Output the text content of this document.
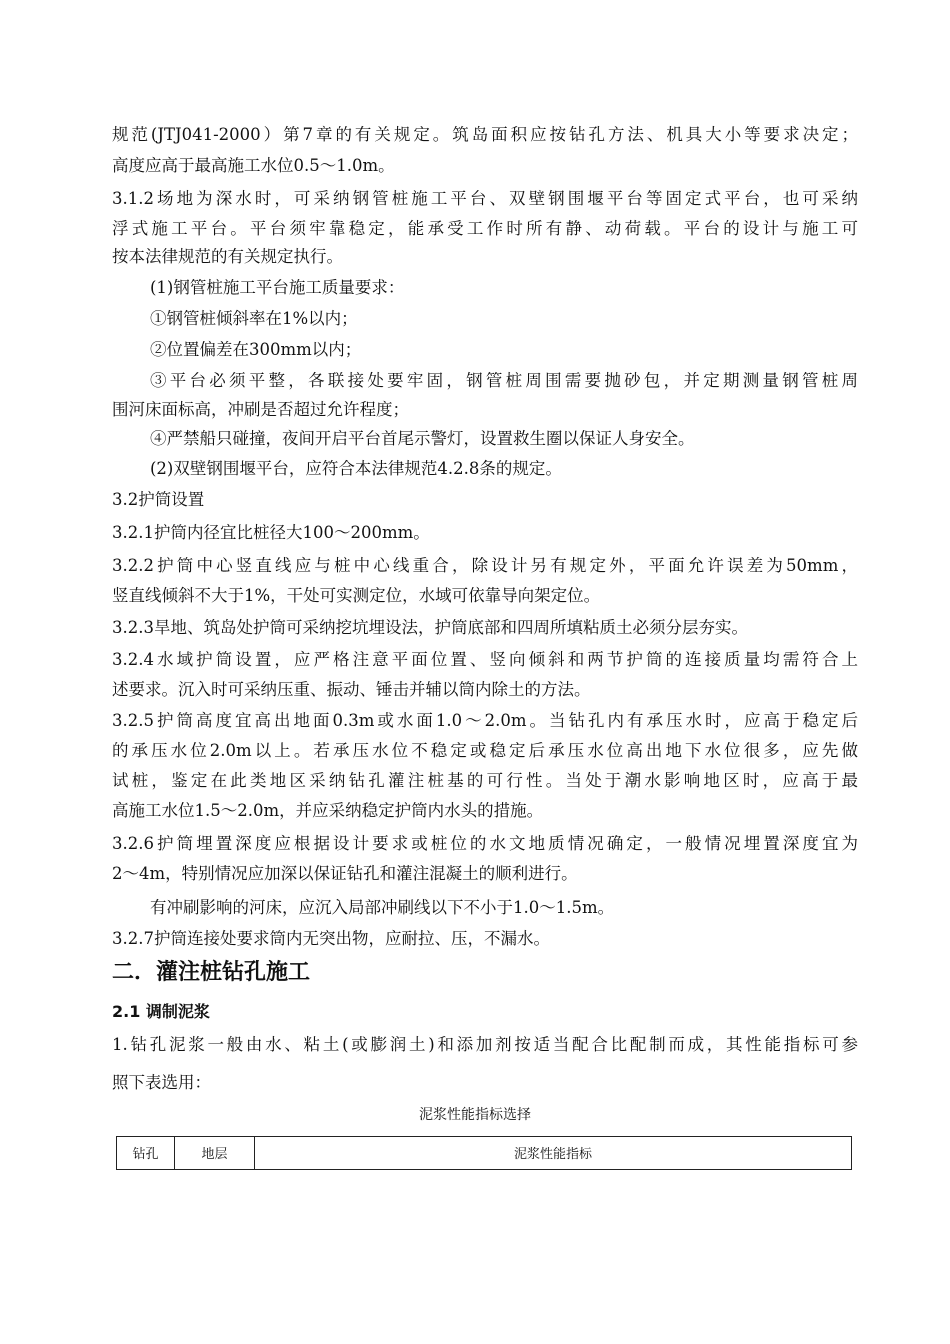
规范(JTJ041-2000）第7章的有关规定。筑岛面积应按钻孔方法、机具大小等要求决定；
高度应高于最高施工水位0.5～1.0m。
3.1.2场地为深水时，可采纳钢管桩施工平台、双壁钢围堰平台等固定式平台，也可采纳
浮式施工平台。平台须牢靠稳定，能承受工作时所有静、动荷载。平台的设计与施工可
按本法律规范的有关规定执行。
(1)钢管桩施工平台施工质量要求：
①钢管桩倾斜率在1%以内；
②位置偏差在300mm以内；
③平台必须平整，各联接处要牢固，钢管桩周围需要抛砂包，并定期测量钢管桩周
围河床面标高，冲刷是否超过允许程度；
④严禁船只碰撞，夜间开启平台首尾示警灯，设置救生圈以保证人身安全。
(2)双壁钢围堰平台，应符合本法律规范4.2.8条的规定。
3.2护筒设置
3.2.1护筒内径宜比桩径大100～200mm。
3.2.2护筒中心竖直线应与桩中心线重合，除设计另有规定外，平面允许误差为50mm，
竖直线倾斜不大于1%，干处可实测定位，水域可依靠导向架定位。
3.2.3旱地、筑岛处护筒可采纳挖坑埋设法，护筒底部和四周所填粘质土必须分层夯实。
3.2.4水域护筒设置，应严格注意平面位置、竖向倾斜和两节护筒的连接质量均需符合上
述要求。沉入时可采纳压重、振动、锤击并辅以筒内除土的方法。
3.2.5护筒高度宜高出地面0.3m或水面1.0～2.0m。当钻孔内有承压水时，应高于稳定后
的承压水位2.0m以上。若承压水位不稳定或稳定后承压水位高出地下水位很多，应先做
试桩，鉴定在此类地区采纳钻孔灌注桩基的可行性。当处于潮水影响地区时，应高于最
高施工水位1.5～2.0m，并应采纳稳定护筒内水头的措施。
3.2.6护筒埋置深度应根据设计要求或桩位的水文地质情况确定，一般情况埋置深度宜为
2～4m，特别情况应加深以保证钻孔和灌注混凝土的顺利进行。
有冲刷影响的河床，应沉入局部冲刷线以下不小于1.0～1.5m。
3.2.7护筒连接处要求筒内无突出物，应耐拉、压，不漏水。
二．灌注桩钻孔施工
2.1 调制泥浆
1.钻孔泥浆一般由水、粘土(或膨润土)和添加剂按适当配合比配制而成，其性能指标可参
照下表选用：
泥浆性能指标选择
钻孔	地层	泥浆性能指标
